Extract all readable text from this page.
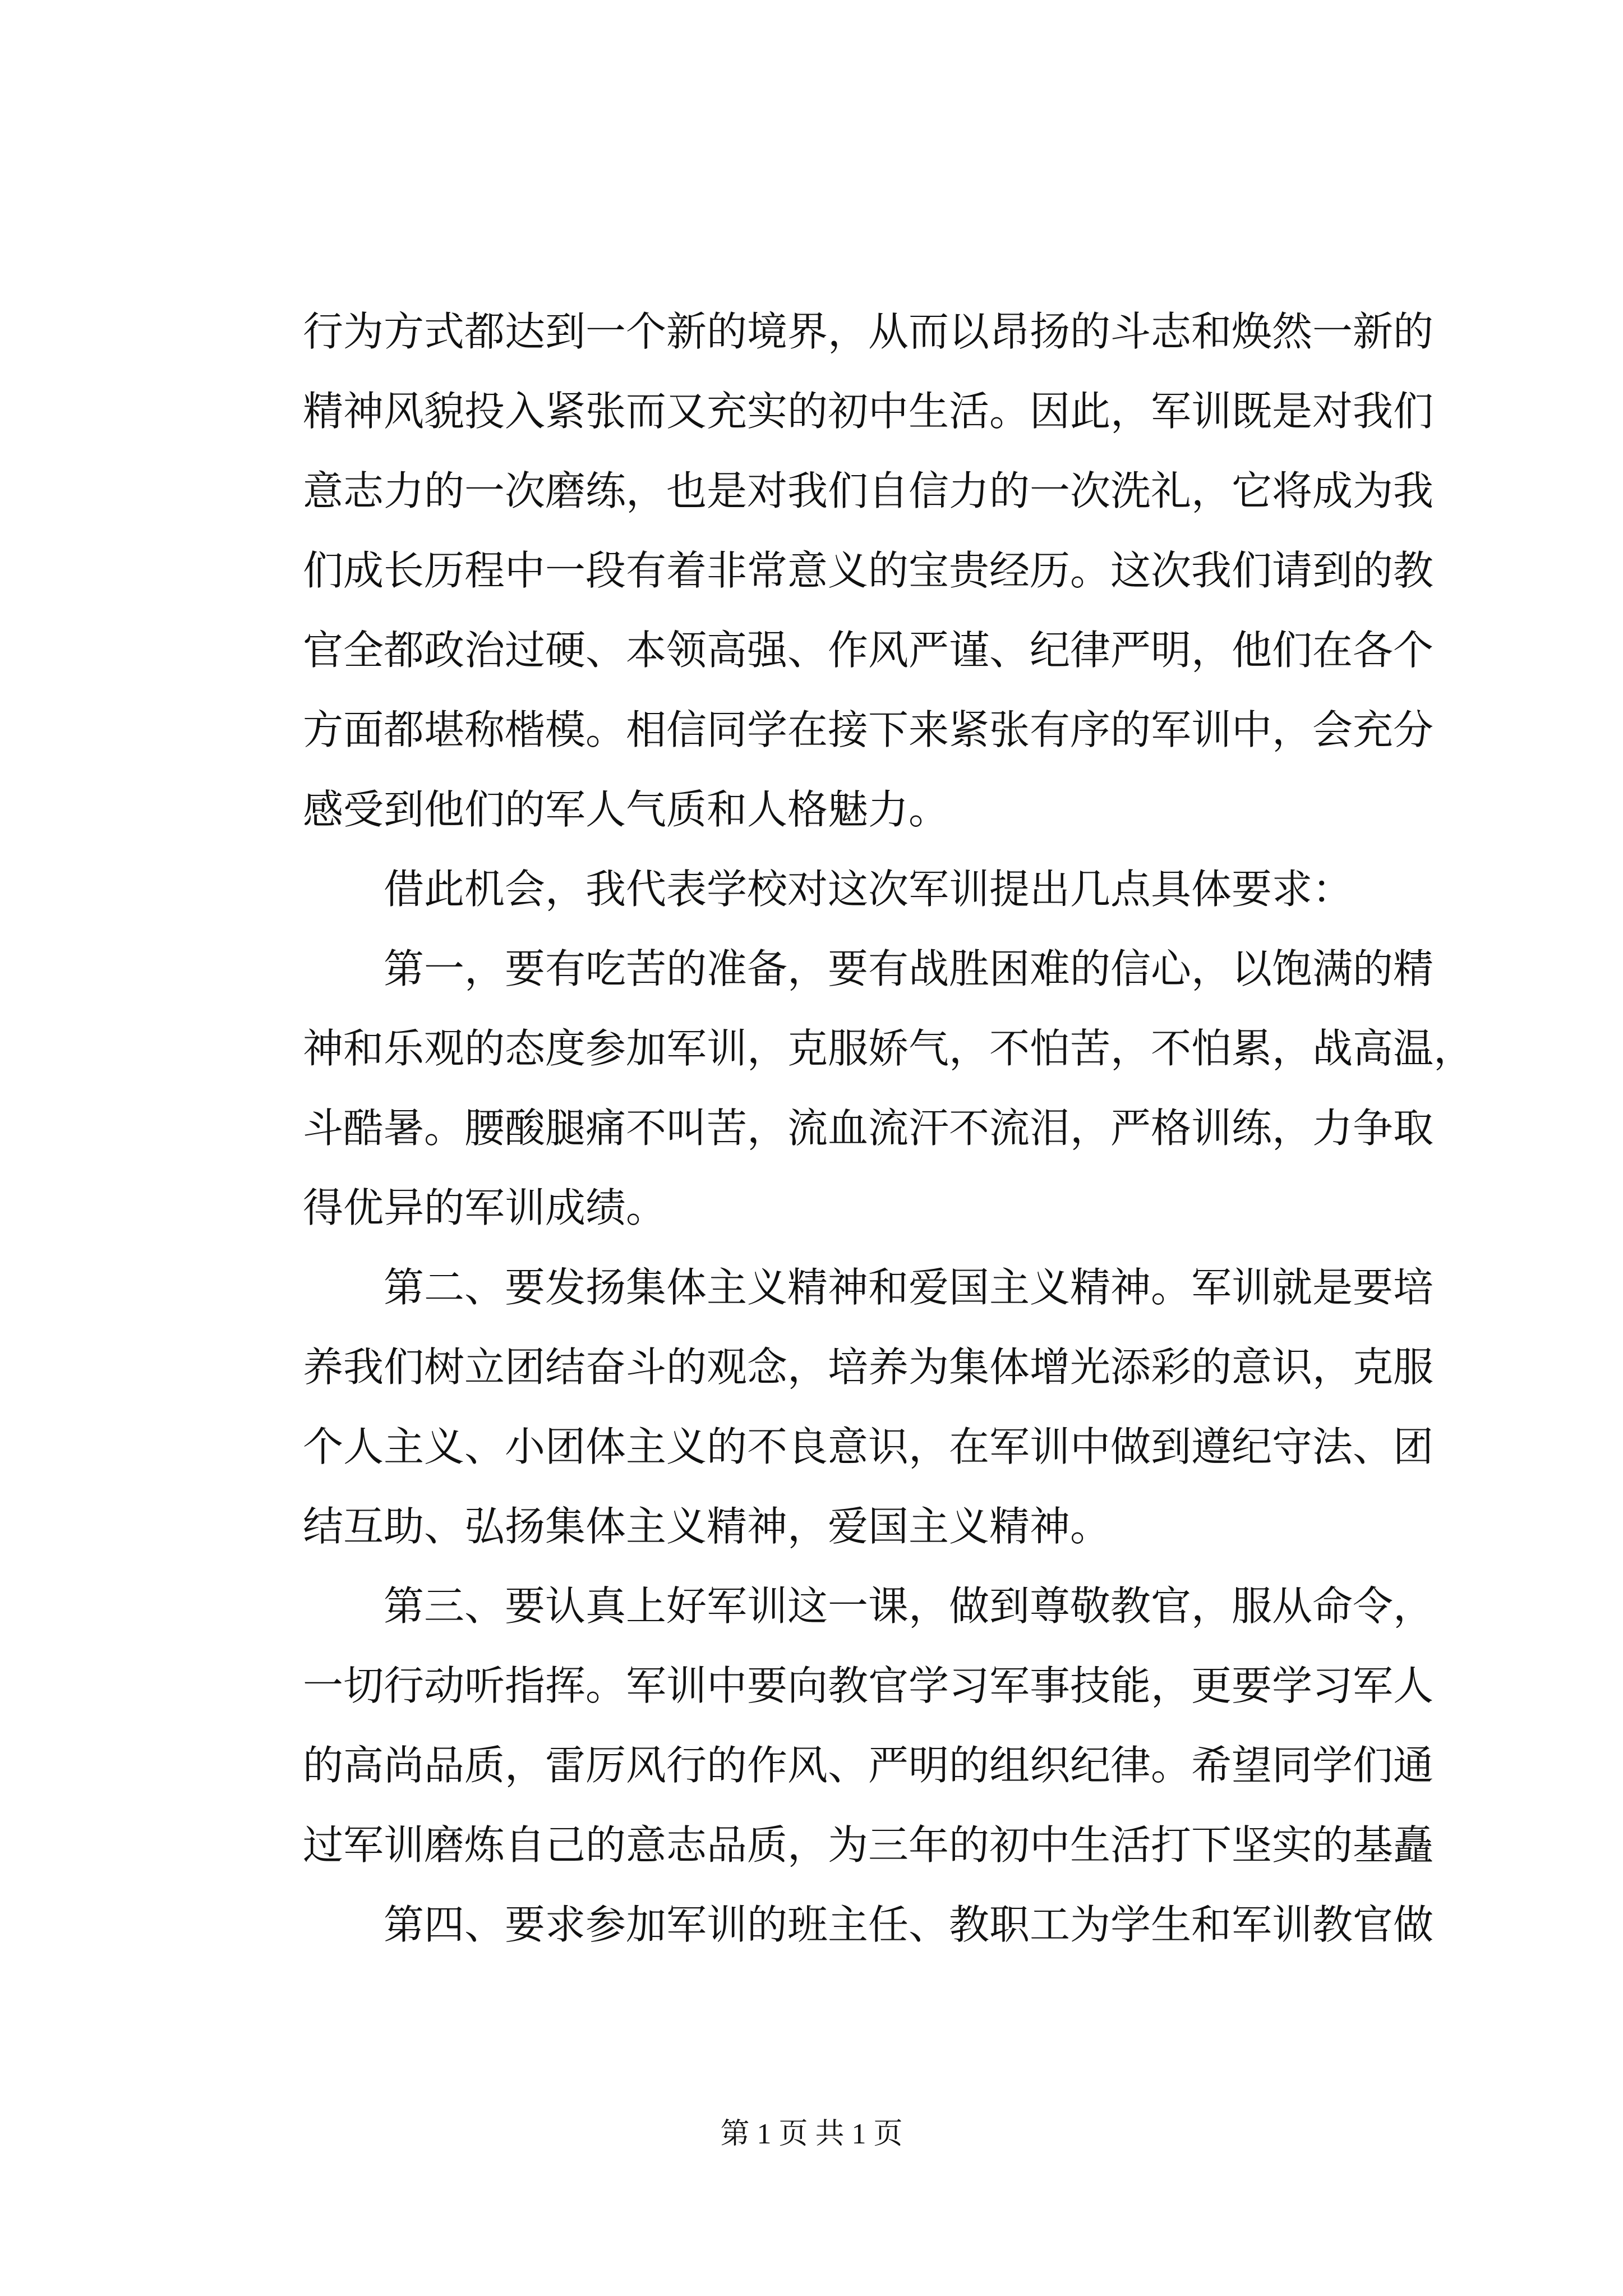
行为方式都达到一个新的境界，从而以昂扬的斗志和焕然一新的
精神风貌投入紧张而又充实的初中生活。因此，军训既是对我们
意志力的一次磨练，也是对我们自信力的一次洗礼，它将成为我
们成长历程中一段有着非常意义的宝贵经历。这次我们请到的教
官全都政治过硬、本领高强、作风严谨、纪律严明，他们在各个
方面都堪称楷模。相信同学在接下来紧张有序的军训中，会充分
感受到他们的军人气质和人格魅力。
借此机会，我代表学校对这次军训提出几点具体要求：
第一，要有吃苦的准备，要有战胜困难的信心，以饱满的精
神和乐观的态度参加军训，克服娇气，不怕苦，不怕累，战高温，
斗酷暑。腰酸腿痛不叫苦，流血流汗不流泪，严格训练，力争取
得优异的军训成绩。
第二、要发扬集体主义精神和爱国主义精神。军训就是要培
养我们树立团结奋斗的观念，培养为集体增光添彩的意识，克服
个人主义、小团体主义的不良意识，在军训中做到遵纪守法、团
结互助、弘扬集体主义精神，爱国主义精神。
第三、要认真上好军训这一课，做到尊敬教官，服从命令，
一切行动听指挥。军训中要向教官学习军事技能，更要学习军人
的高尚品质，雷厉风行的作风、严明的组织纪律。希望同学们通
过军训磨炼自己的意志品质，为三年的初中生活打下坚实的基矗
第四、要求参加军训的班主任、教职工为学生和军训教官做
第 1 页 共 1 页
